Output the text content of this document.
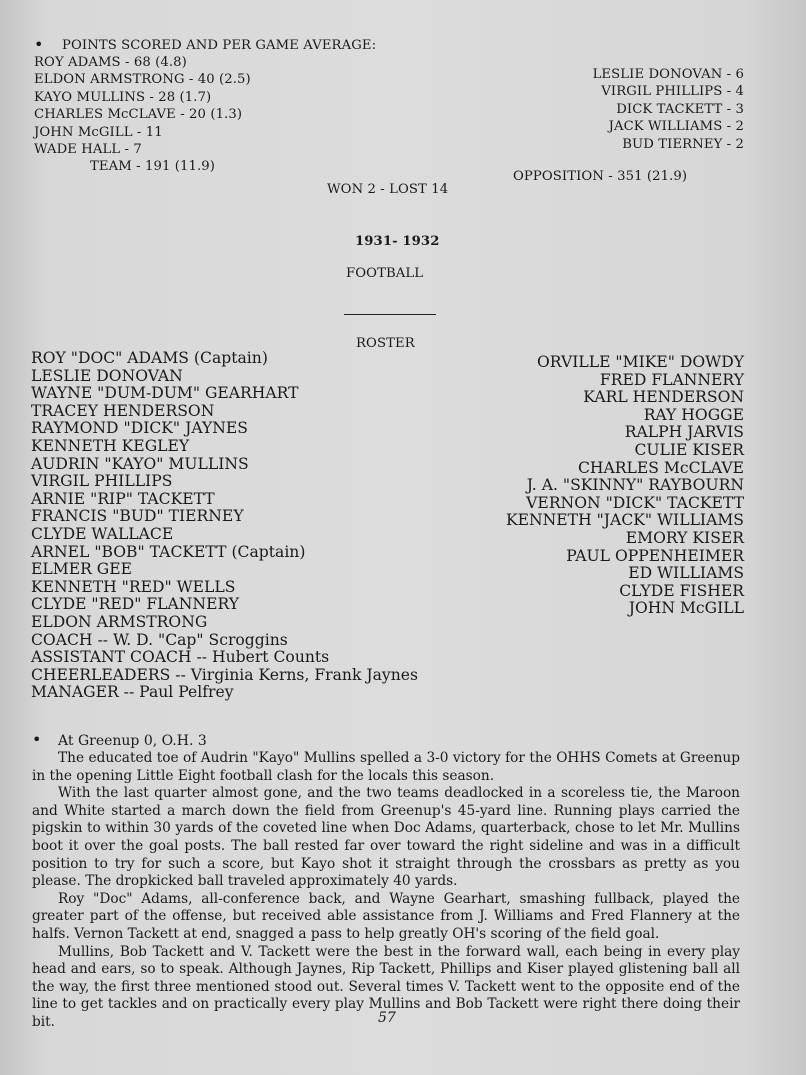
• POINTS SCORED AND PER GAME AVERAGE:
ROY ADAMS - 68 (4.8)
ELDON ARMSTRONG - 40 (2.5)
KAYO MULLINS - 28 (1.7)
CHARLES McCLAVE - 20 (1.3)
JOHN McGILL - 11
WADE HALL - 7
TEAM - 191 (11.9)
LESLIE DONOVAN - 6
VIRGIL PHILLIPS - 4
DICK TACKETT - 3
JACK WILLIAMS - 2
BUD TIERNEY - 2
OPPOSITION - 351 (21.9)
WON 2 - LOST 14
1931- 1932
FOOTBALL
ROSTER
ROY "DOC" ADAMS (Captain)
LESLIE DONOVAN
WAYNE "DUM-DUM" GEARHART
TRACEY HENDERSON
RAYMOND "DICK" JAYNES
KENNETH KEGLEY
AUDRIN "KAYO" MULLINS
VIRGIL PHILLIPS
ARNIE "RIP" TACKETT
FRANCIS "BUD" TIERNEY
CLYDE WALLACE
ARNEL "BOB" TACKETT (Captain)
ELMER GEE
KENNETH "RED" WELLS
CLYDE "RED" FLANNERY
ELDON ARMSTRONG
COACH -- W. D. "Cap" Scroggins
ASSISTANT COACH -- Hubert Counts
CHEERLEADERS -- Virginia Kerns, Frank Jaynes
MANAGER -- Paul Pelfrey
ORVILLE "MIKE" DOWDY
FRED FLANNERY
KARL HENDERSON
RAY HOGGE
RALPH JARVIS
CULIE KISER
CHARLES McCLAVE
J. A. "SKINNY" RAYBOURN
VERNON "DICK" TACKETT
KENNETH "JACK" WILLIAMS
EMORY KISER
PAUL OPPENHEIMER
ED WILLIAMS
CLYDE FISHER
JOHN McGILL
• At Greenup 0, O.H. 3

The educated toe of Audrin "Kayo" Mullins spelled a 3-0 victory for the OHHS Comets at Greenup in the opening Little Eight football clash for the locals this season.

With the last quarter almost gone, and the two teams deadlocked in a scoreless tie, the Maroon and White started a march down the field from Greenup's 45-yard line. Running plays carried the pigskin to within 30 yards of the coveted line when Doc Adams, quarterback, chose to let Mr. Mullins boot it over the goal posts. The ball rested far over toward the right sideline and was in a difficult position to try for such a score, but Kayo shot it straight through the crossbars as pretty as you please. The dropkicked ball traveled approximately 40 yards.

Roy "Doc" Adams, all-conference back, and Wayne Gearhart, smashing fullback, played the greater part of the offense, but received able assistance from J. Williams and Fred Flannery at the halfs. Vernon Tackett at end, snagged a pass to help greatly OH's scoring of the field goal.

Mullins, Bob Tackett and V. Tackett were the best in the forward wall, each being in every play head and ears, so to speak. Although Jaynes, Rip Tackett, Phillips and Kiser played glistening ball all the way, the first three mentioned stood out. Several times V. Tackett went to the opposite end of the line to get tackles and on practically every play Mullins and Bob Tackett were right there doing their bit.	57
